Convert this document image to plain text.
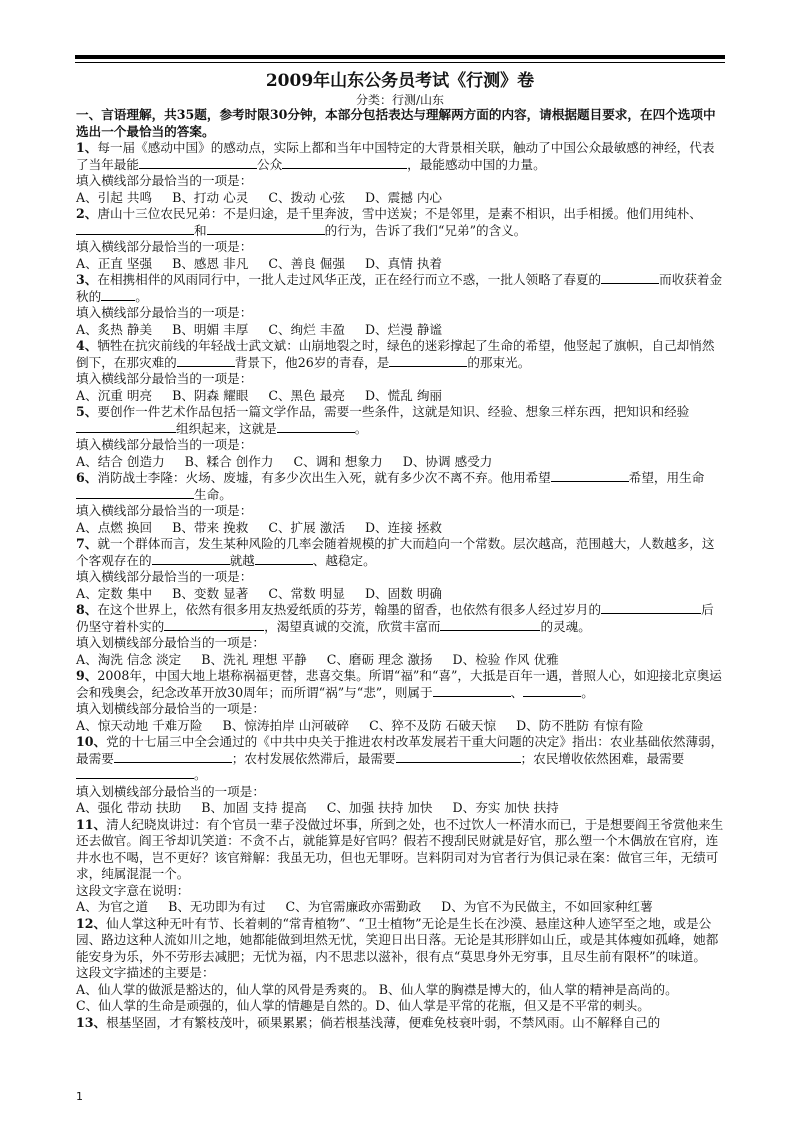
2009年山东公务员考试《行测》卷
分类：行测/山东

一、言语理解，共35题，参考时限30分钟，本部分包括表达与理解两方面的内容，请根据题目要求，在四个选项中选出一个最恰当的答案。

1、每一届《感动中国》的感动点，实际上都和当年中国特定的大背景相关联，触动了中国公众最敏感的神经，代表了当年最能	公众	，最能感动中国的力量。

填入横线部分最恰当的一项是：

A、引起 共鸣     B、打动 心灵     C、拨动 心弦     D、震撼 内心

2、唐山十三位农民兄弟：不是归途，是千里奔波，雪中送炭；不是邻里，是素不相识，出手相援。他们用纯朴、和	的行为，告诉了我们“兄弟”的含义。

填入横线部分最恰当的一项是：

A、正直 坚强     B、感恩 非凡     C、善良 倔强     D、真情 执着

3、在相携相伴的风雨同行中，一批人走过风华正茂，正在经行而立不惑，一批人领略了春夏的	而收获着金秋的	。

填入横线部分最恰当的一项是：

A、炙热 静美     B、明媚 丰厚     C、绚烂 丰盈     D、烂漫 静谧

4、牺牲在抗灾前线的年轻战士武文斌：山崩地裂之时，绿色的迷彩撑起了生命的希望，他竖起了旗帜，自己却悄然倒下，在那灾难的	背景下，他26岁的青春，是	的那束光。

填入横线部分最恰当的一项是：

A、沉重 明亮     B、阴森 耀眼     C、黑色 最亮     D、慌乱 绚丽

5、要创作一件艺术作品包括一篇文学作品，需要一些条件，这就是知识、经验、想象三样东西，把知识和经验组织起来，这就是	。

填入横线部分最恰当的一项是：

A、结合 创造力     B、糅合 创作力     C、调和 想象力     D、协调 感受力

6、消防战士李隆：火场、废墟，有多少次出生入死，就有多少次不离不弃。他用希望	希望，用生命生命。

填入横线部分最恰当的一项是：

A、点燃 换回     B、带来 挽救     C、扩展 激活     D、连接 拯救

7、就一个群体而言，发生某种风险的几率会随着规模的扩大而趋向一个常数。层次越高，范围越大，人数越多，这个客观存在的	就越	、越稳定。

填入横线部分最恰当的一项是：

A、定数 集中     B、变数 显著     C、常数 明显     D、固数 明确

8、在这个世界上，依然有很多用友热爱纸质的芬芳，翰墨的留香，也依然有很多人经过岁月的	后仍坚守着朴实的	，渴望真诚的交流，欣赏丰富而	的灵魂。

填入划横线部分最恰当的一项是：

A、淘洗 信念 淡定     B、洗礼 理想 平静     C、磨砺 理念 激扬     D、检验 作风 优雅

9、2008年，中国大地上堪称祸福更替，悲喜交集。所谓“福”和“喜”，大抵是百年一遇，普照人心，如迎接北京奥运会和残奥会，纪念改革开放30周年；而所谓“祸”与“悲”，则属于	、	。

填入划横线部分最恰当的一项是：

A、惊天动地 千难万险     B、惊涛拍岸 山河破碎     C、猝不及防 石破天惊     D、防不胜防 有惊有险

10、党的十七届三中全会通过的《中共中央关于推进农村改革发展若干重大问题的决定》指出：农业基础依然薄弱，最需要	；农村发展依然滞后，最需要	；农民增收依然困难，最需要。

填入划横线部分最恰当的一项是：

A、强化 带动 扶助     B、加固 支持 提高     C、加强 扶持 加快     D、夯实 加快 扶持

11、清人纪晓岚讲过：有个官员一辈子没做过坏事，所到之处，也不过饮人一杯清水而已，于是想要阎王爷赏他来生还去做官。阎王爷却讥笑道：不贪不占，就能算是好官吗？假若不搜刮民财就是好官，那么塑一个木偶放在官府，连井水也不喝，岂不更好？该官辩解：我虽无功，但也无罪呀。岂料阴司对为官者行为俱记录在案：做官三年，无绩可求，纯属混混一个。

这段文字意在说明：

A、为官之道     B、无功即为有过     C、为官需廉政亦需勤政     D、为官不为民做主，不如回家种红薯

12、仙人掌这种无叶有节、长着刺的“常青植物”、“卫士植物”无论是生长在沙漠、悬崖这种人迹罕至之地，或是公园、路边这种人流如川之地，她都能做到坦然无忧，笑迎日出日落。无论是其形胖如山丘，或是其体瘦如孤峰，她都能安身为乐，外不劳形去减肥；无忧为福，内不思悲以滋补，很有点“莫思身外无穷事，且尽生前有限杯”的味道。

这段文字描述的主要是：

A、仙人掌的做派是豁达的，仙人掌的风骨是秀爽的。 B、仙人掌的胸襟是博大的，仙人掌的精神是高尚的。

C、仙人掌的生命是顽强的，仙人掌的情趣是自然的。D、仙人掌是平常的花瓶，但又是不平常的刺头。

13、根基坚固，才有繁枝茂叶，硕果累累；倘若根基浅薄，便难免枝衰叶弱，不禁风雨。山不解释自己的

1
